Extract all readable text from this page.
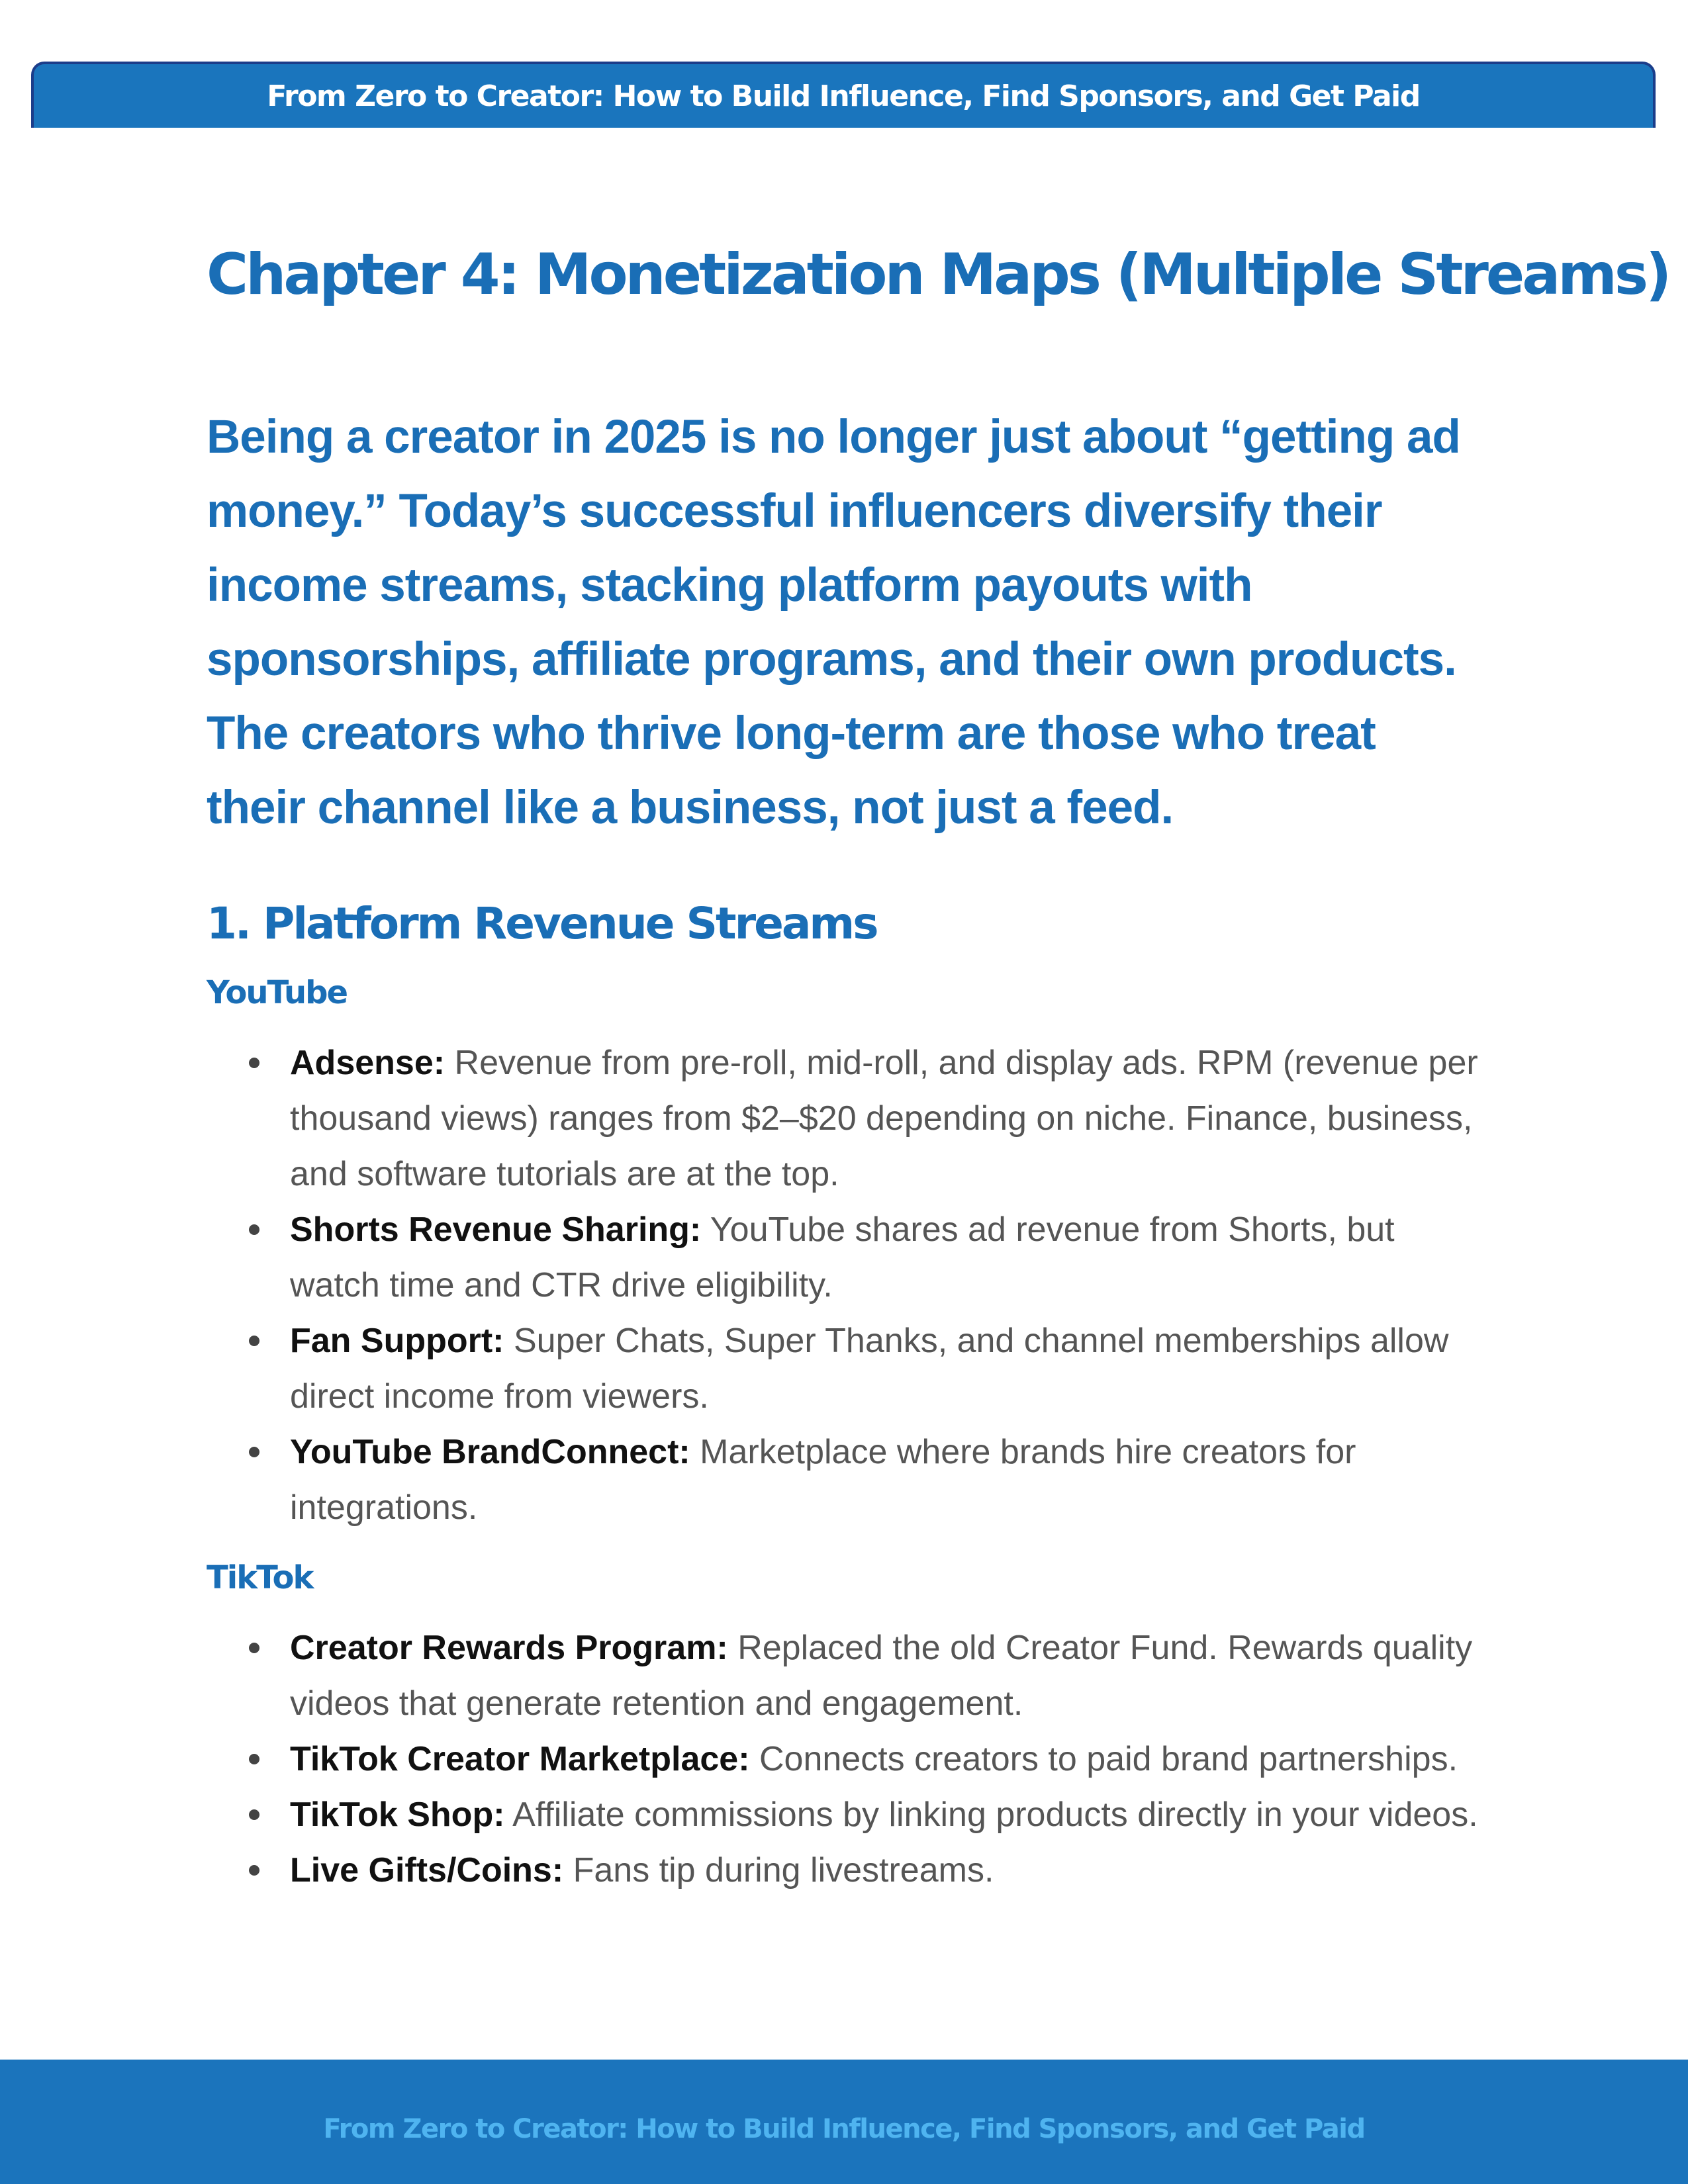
From Zero to Creator: How to Build Influence, Find Sponsors, and Get Paid
Chapter 4: Monetization Maps (Multiple Streams)

Being a creator in 2025 is no longer just about “getting ad money.” Today’s successful influencers diversify their income streams, stacking platform payouts with sponsorships, affiliate programs, and their own products. The creators who thrive long-term are those who treat their channel like a business, not just a feed.

1. Platform Revenue Streams
YouTube
Adsense: Revenue from pre-roll, mid-roll, and display ads. RPM (revenue per thousand views) ranges from $2–$20 depending on niche. Finance, business, and software tutorials are at the top.
Shorts Revenue Sharing: YouTube shares ad revenue from Shorts, but watch time and CTR drive eligibility.
Fan Support: Super Chats, Super Thanks, and channel memberships allow direct income from viewers.
YouTube BrandConnect: Marketplace where brands hire creators for integrations.
TikTok
Creator Rewards Program: Replaced the old Creator Fund. Rewards quality videos that generate retention and engagement.
TikTok Creator Marketplace: Connects creators to paid brand partnerships.
TikTok Shop: Affiliate commissions by linking products directly in your videos.
Live Gifts/Coins: Fans tip during livestreams.
From Zero to Creator: How to Build Influence, Find Sponsors, and Get Paid
